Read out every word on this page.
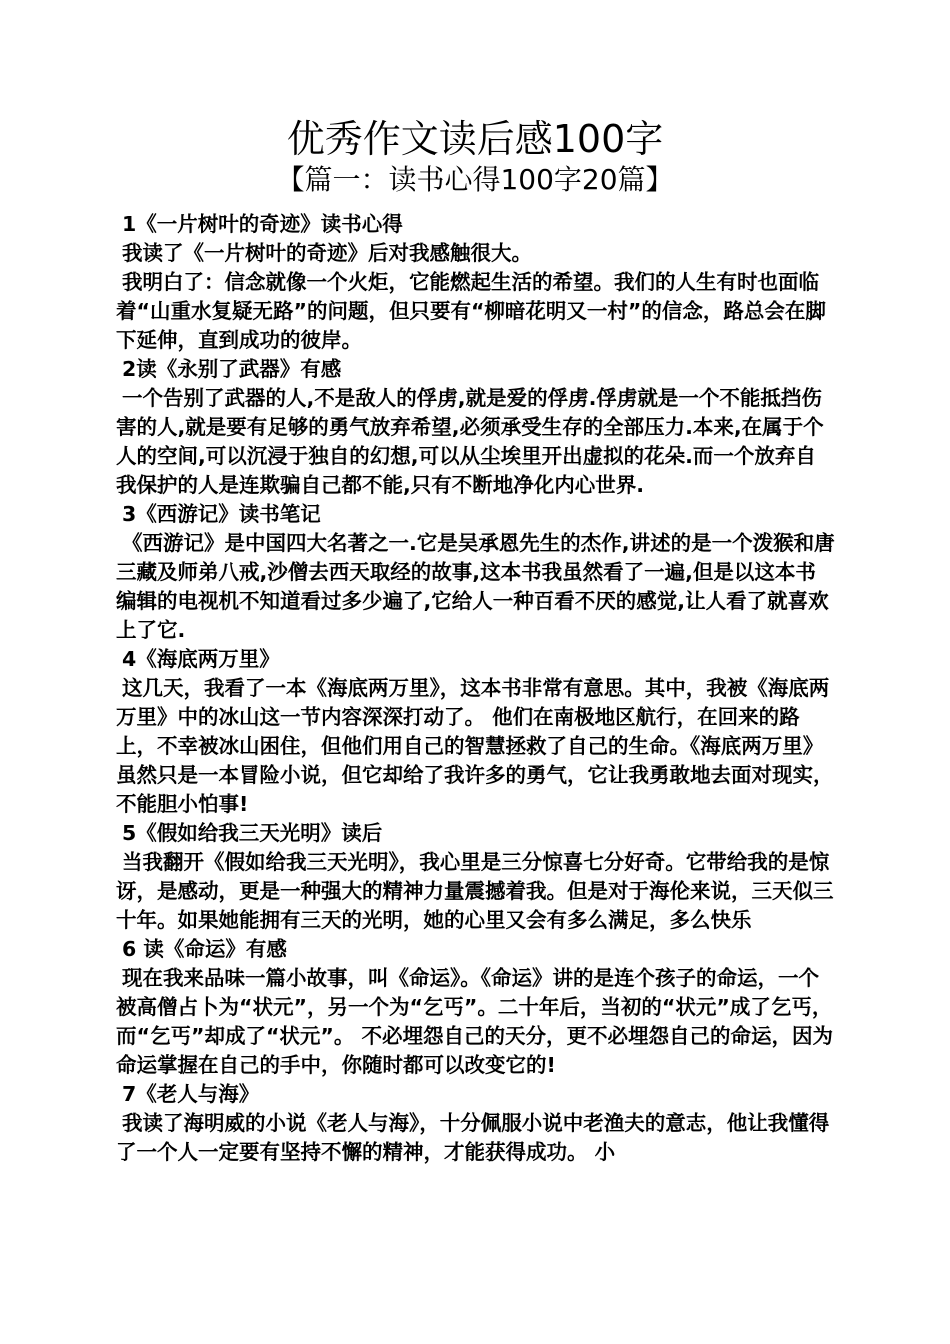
优秀作文读后感100字
【篇一：读书心得100字20篇】
1《一片树叶的奇迹》读书心得
我读了《一片树叶的奇迹》后对我感触很大。
我明白了：信念就像一个火炬，它能燃起生活的希望。我们的人生有时也面临着“山重水复疑无路”的问题，但只要有“柳暗花明又一村”的信念，路总会在脚下延伸，直到成功的彼岸。
2读《永别了武器》有感
一个告别了武器的人,不是敌人的俘虏,就是爱的俘虏.俘虏就是一个不能抵挡伤害的人,就是要有足够的勇气放弃希望,必须承受生存的全部压力.本来,在属于个人的空间,可以沉浸于独自的幻想,可以从尘埃里开出虚拟的花朵.而一个放弃自我保护的人是连欺骗自己都不能,只有不断地净化内心世界.
3《西游记》读书笔记
《西游记》是中国四大名著之一.它是吴承恩先生的杰作,讲述的是一个泼猴和唐三藏及师弟八戒,沙僧去西天取经的故事,这本书我虽然看了一遍,但是以这本书编辑的电视机不知道看过多少遍了,它给人一种百看不厌的感觉,让人看了就喜欢上了它.
4《海底两万里》
这几天，我看了一本《海底两万里》，这本书非常有意思。其中，我被《海底两万里》中的冰山这一节内容深深打动了。 他们在南极地区航行，在回来的路上，不幸被冰山困住，但他们用自己的智慧拯救了自己的生命。《海底两万里》虽然只是一本冒险小说，但它却给了我许多的勇气，它让我勇敢地去面对现实，不能胆小怕事!
5《假如给我三天光明》读后
当我翻开《假如给我三天光明》，我心里是三分惊喜七分好奇。它带给我的是惊讶，是感动，更是一种强大的精神力量震撼着我。但是对于海伦来说，三天似三十年。如果她能拥有三天的光明，她的心里又会有多么满足，多么快乐
6 读《命运》有感
现在我来品味一篇小故事，叫《命运》。《命运》讲的是连个孩子的命运，一个被高僧占卜为“状元”，另一个为“乞丐”。二十年后，当初的“状元”成了乞丐，而“乞丐”却成了“状元”。 不必埋怨自己的天分，更不必埋怨自己的命运，因为命运掌握在自己的手中，你随时都可以改变它的!
7《老人与海》
我读了海明威的小说《老人与海》，十分佩服小说中老渔夫的意志，他让我懂得了一个人一定要有坚持不懈的精神，才能获得成功。 小
